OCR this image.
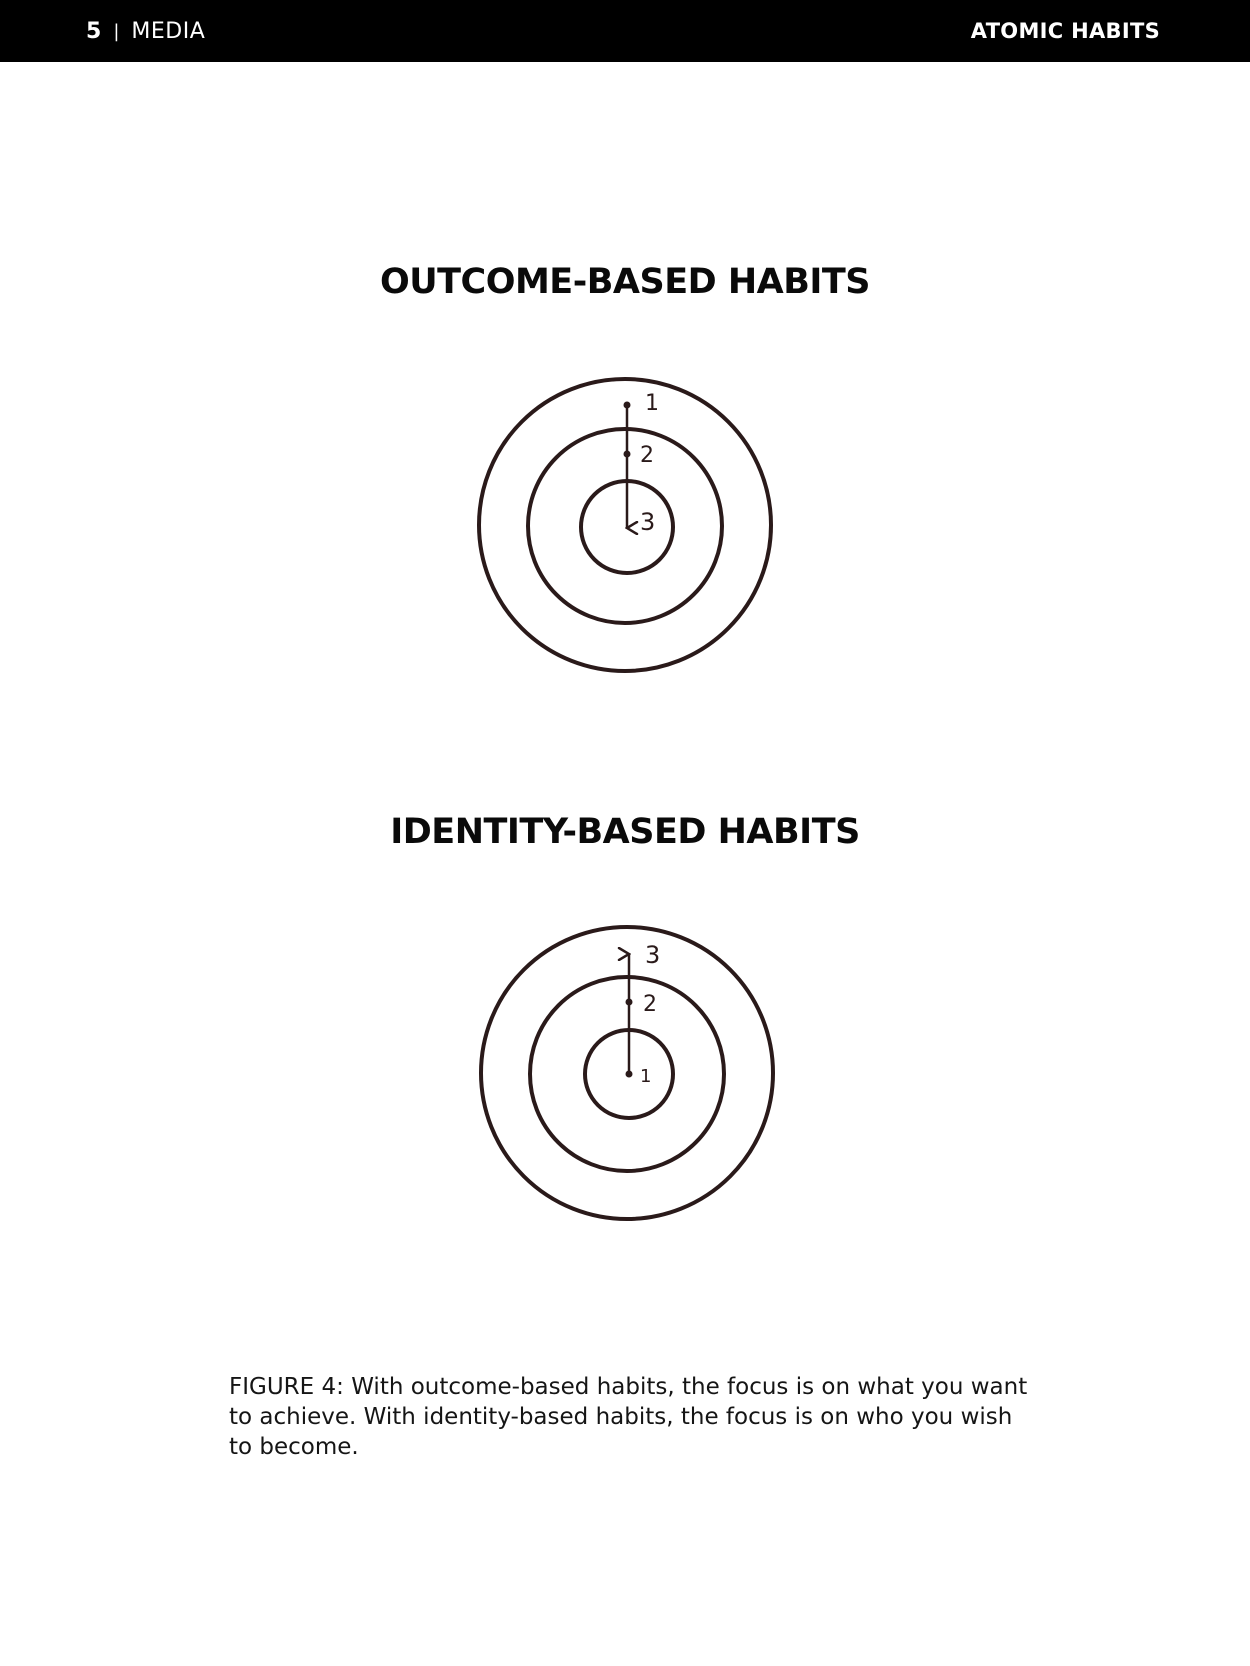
5 | MEDIA	ATOMIC HABITS
OUTCOME-BASED HABITS
1
2
3
IDENTITY-BASED HABITS
3
2
1
FIGURE 4: With outcome-based habits, the focus is on what you want to achieve. With identity-based habits, the focus is on who you wish to become.
